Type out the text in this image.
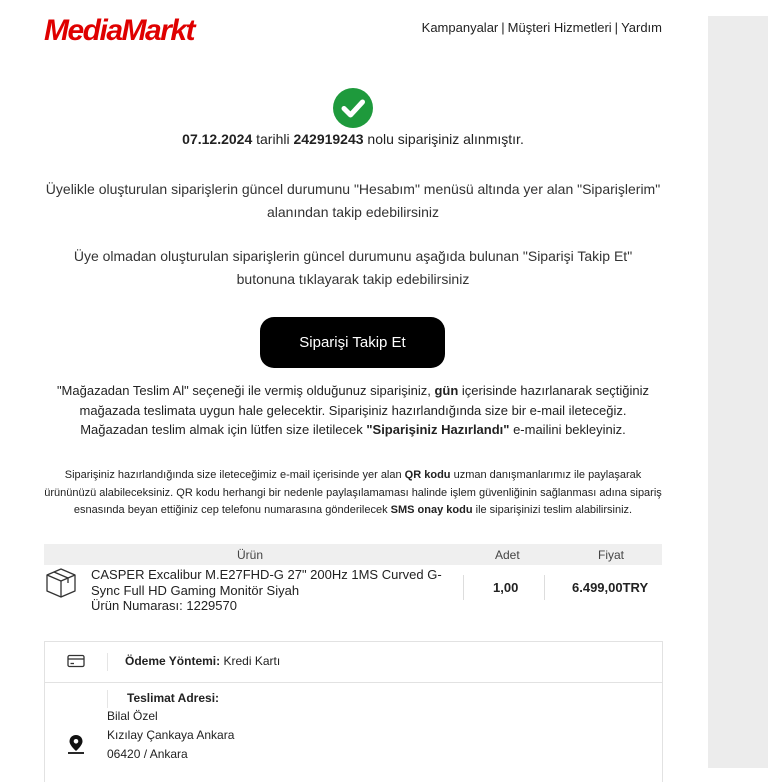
MediaMarkt	Kampanyalar | Müşteri Hizmetleri | Yardım
07.12.2024 tarihli 242919243 nolu siparişiniz alınmıştır.
Üyelikle oluşturulan siparişlerin güncel durumunu "Hesabım" menüsü altında yer alan "Siparişlerim" alanından takip edebilirsiniz
Üye olmadan oluşturulan siparişlerin güncel durumunu aşağıda bulunan "Siparişi Takip Et" butonuna tıklayarak takip edebilirsiniz
Siparişi Takip Et
"Mağazadan Teslim Al" seçeneği ile vermiş olduğunuz siparişiniz, gün içerisinde hazırlanarak seçtiğiniz mağazada teslimata uygun hale gelecektir. Siparişiniz hazırlandığında size bir e-mail ileteceğiz. Mağazadan teslim almak için lütfen size iletilecek "Siparişiniz Hazırlandı" e-mailini bekleyiniz.
Siparişiniz hazırlandığında size ileteceğimiz e-mail içerisinde yer alan QR kodu uzman danışmanlarımız ile paylaşarak ürününüzü alabileceksiniz. QR kodu herhangi bir nedenle paylaşılamaması halinde işlem güvenliğinin sağlanması adına sipariş esnasında beyan ettiğiniz cep telefonu numarasına gönderilecek SMS onay kodu ile siparişinizi teslim alabilirsiniz.
Ürün	Adet	Fiyat
CASPER Excalibur M.E27FHD-G 27" 200Hz 1MS Curved G-Sync Full HD Gaming Monitör Siyah
Ürün Numarası: 1229570
1,00	6.499,00TRY
Ödeme Yöntemi: Kredi Kartı
Teslimat Adresi:
Bilal Özel
Kızılay Çankaya Ankara
06420 / Ankara
